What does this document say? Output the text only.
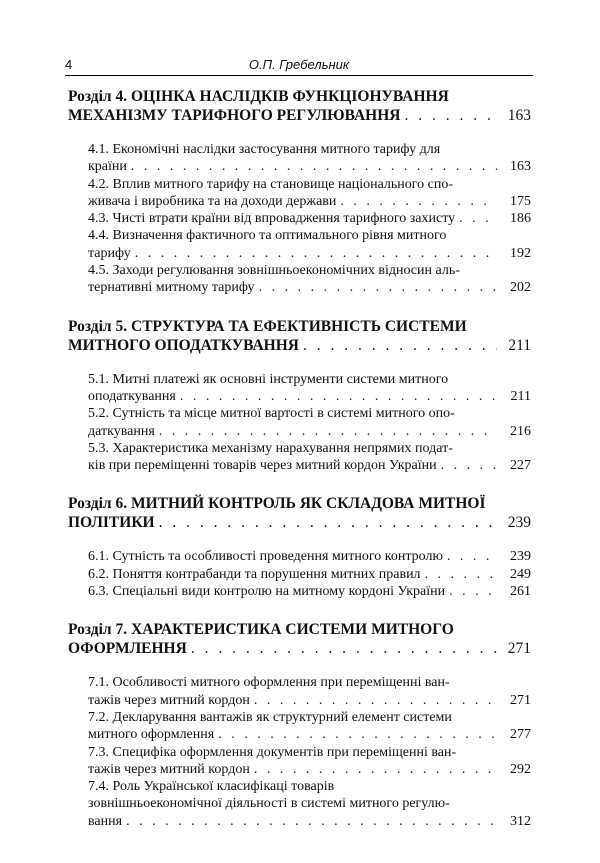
4	О.П. Гребельник
Розділ 4. ОЦІНКА НАСЛІДКІВ ФУНКЦІОНУВАННЯ
МЕХАНІЗМУ ТАРИФНОГО РЕГУЛЮВАННЯ . . .	163
4.1. Економічні наслідки застосування митного тарифу для
країни . . .	163
4.2. Вплив митного тарифу на становище національного спо-
живача і виробника та на доходи держави . . .	175
4.3. Чисті втрати країни від впровадження тарифного захисту . . .	186
4.4. Визначення фактичного та оптимального рівня митного
тарифу . . .	192
4.5. Заходи регулювання зовнішньоекономічних відносин аль-
тернативні митному тарифу . . .	202
Розділ 5. СТРУКТУРА ТА ЕФЕКТИВНІСТЬ СИСТЕМИ
МИТНОГО ОПОДАТКУВАННЯ . . .	211
5.1. Митні платежі як основні інструменти системи митного
оподаткування . . .	211
5.2. Сутність та місце митної вартості в системі митного опо-
даткування . . .	216
5.3. Характеристика механізму нарахування непрямих подат-
ків при переміщенні товарів через митний кордон України . . .	227
Розділ 6. МИТНИЙ КОНТРОЛЬ ЯК СКЛАДОВА МИТНОЇ
ПОЛІТИКИ . . .	239
6.1. Сутність та особливості проведення митного контролю . . .	239
6.2. Поняття контрабанди та порушення митних правил . . .	249
6.3. Спеціальні види контролю на митному кордоні України . . .	261
Розділ 7. ХАРАКТЕРИСТИКА СИСТЕМИ МИТНОГО
ОФОРМЛЕННЯ . . .	271
7.1. Особливості митного оформлення при переміщенні ван-
тажів через митний кордон . . .	271
7.2. Декларування вантажів як структурний елемент системи
митного оформлення . . .	277
7.3. Специфіка оформлення документів при переміщенні ван-
тажів через митний кордон . . .	292
7.4. Роль Української класифікаці товарів
зовнішньоекономічної діяльності в системі митного регулю-
вання . . .	312
